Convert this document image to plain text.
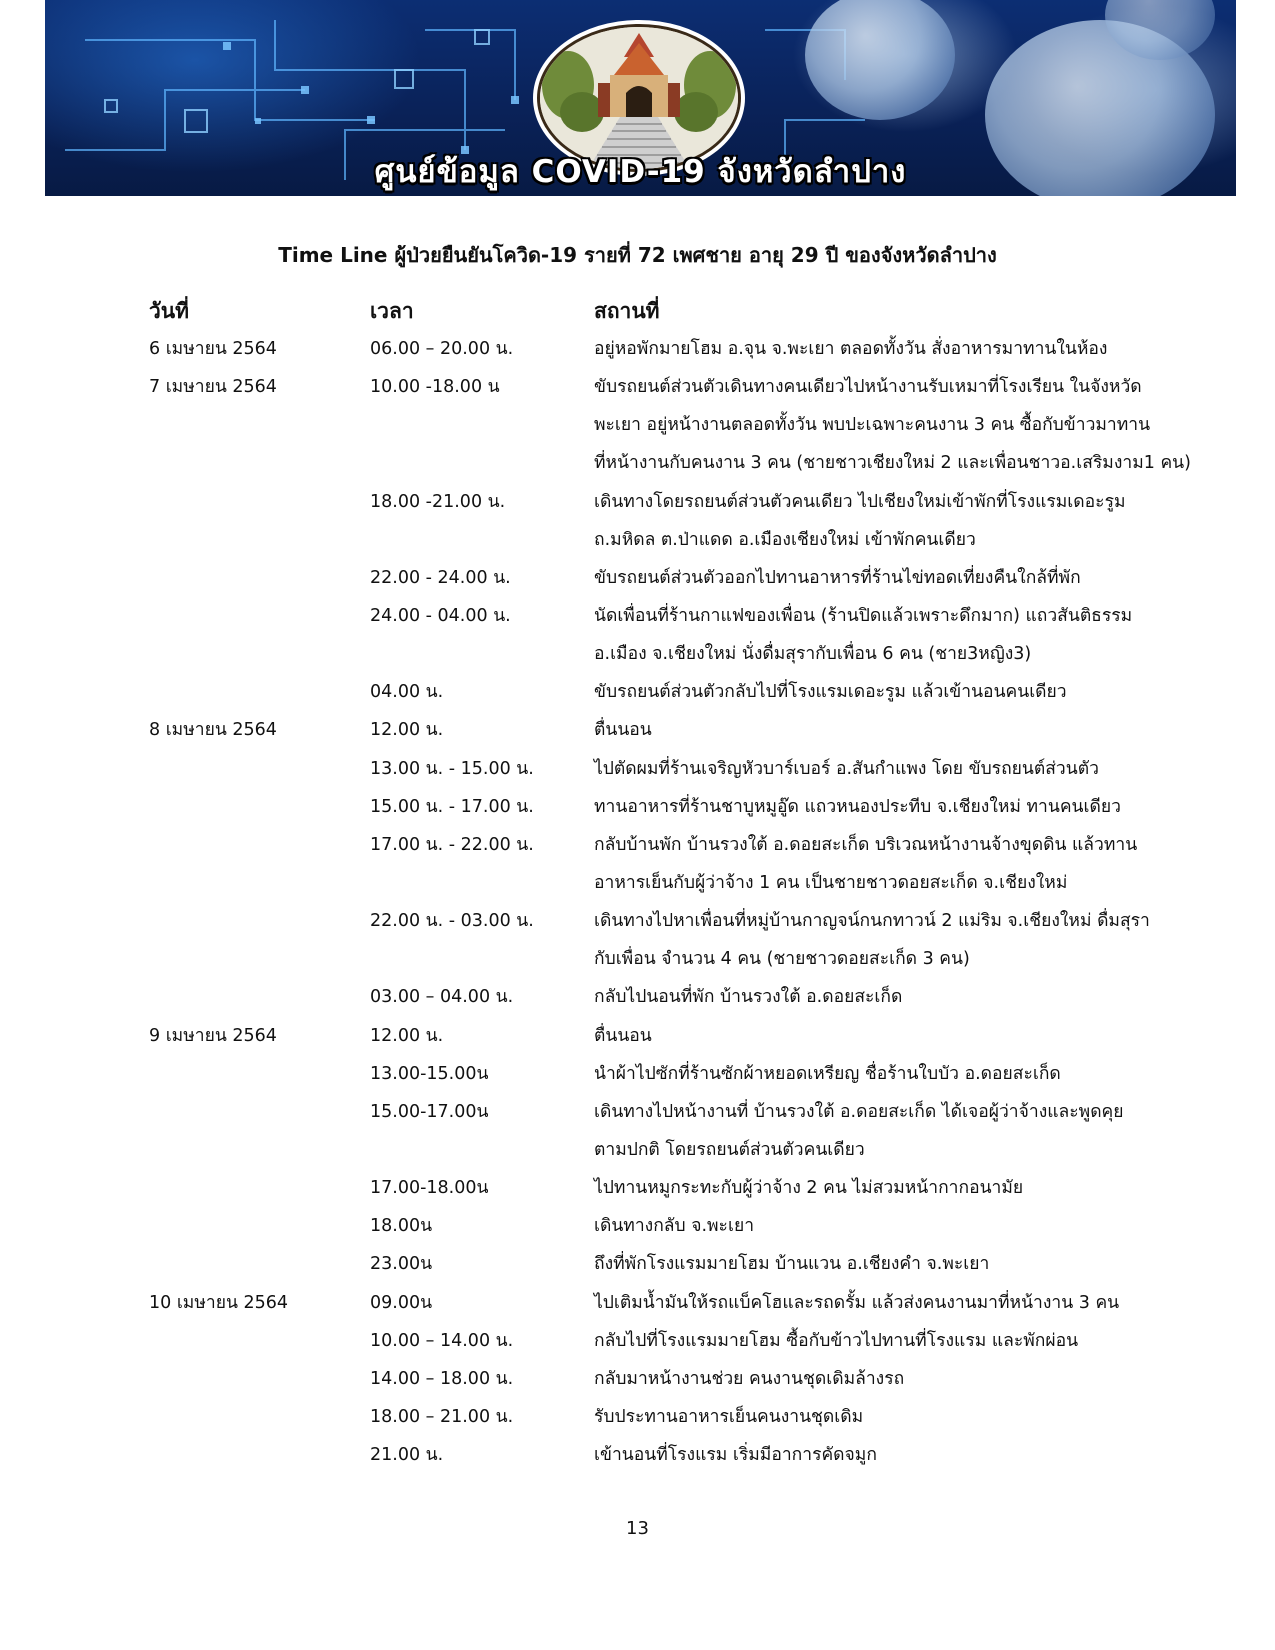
ศูนย์ข้อมูล COVID-19 จังหวัดลำปาง
Time Line ผู้ป่วยยืนยันโควิด-19 รายที่ 72 เพศชาย อายุ 29 ปี ของจังหวัดลำปาง
วันที่	เวลา	สถานที่
6 เมษายน 2564	06.00 – 20.00 น.	อยู่หอพักมายโฮม อ.จุน จ.พะเยา ตลอดทั้งวัน สั่งอาหารมาทานในห้อง
7 เมษายน 2564	10.00 -18.00 น	ขับรถยนต์ส่วนตัวเดินทางคนเดียวไปหน้างานรับเหมาที่โรงเรียน ในจังหวัด
พะเยา อยู่หน้างานตลอดทั้งวัน พบปะเฉพาะคนงาน 3 คน ซื้อกับข้าวมาทาน
ที่หน้างานกับคนงาน 3 คน (ชายชาวเชียงใหม่ 2 และเพื่อนชาวอ.เสริมงาม1 คน)
18.00 -21.00 น.	เดินทางโดยรถยนต์ส่วนตัวคนเดียว ไปเชียงใหม่เข้าพักที่โรงแรมเดอะรูม
ถ.มหิดล ต.ป่าแดด อ.เมืองเชียงใหม่ เข้าพักคนเดียว
22.00 - 24.00 น.	ขับรถยนต์ส่วนตัวออกไปทานอาหารที่ร้านไข่ทอดเที่ยงคืนใกล้ที่พัก
24.00 - 04.00 น.	นัดเพื่อนที่ร้านกาแฟของเพื่อน (ร้านปิดแล้วเพราะดึกมาก) แถวสันติธรรม
อ.เมือง จ.เชียงใหม่ นั่งดื่มสุรากับเพื่อน 6 คน (ชาย3หญิง3)
04.00 น.	ขับรถยนต์ส่วนตัวกลับไปที่โรงแรมเดอะรูม แล้วเข้านอนคนเดียว
8 เมษายน 2564	12.00 น.	ตื่นนอน
13.00 น. - 15.00 น.	ไปตัดผมที่ร้านเจริญหัวบาร์เบอร์ อ.สันกำแพง โดย ขับรถยนต์ส่วนตัว
15.00 น. - 17.00 น.	ทานอาหารที่ร้านชาบูหมูอู๊ด แถวหนองประทีบ จ.เชียงใหม่ ทานคนเดียว
17.00 น. - 22.00 น.	กลับบ้านพัก บ้านรวงใต้ อ.ดอยสะเก็ด บริเวณหน้างานจ้างขุดดิน แล้วทาน
อาหารเย็นกับผู้ว่าจ้าง 1 คน เป็นชายชาวดอยสะเก็ด จ.เชียงใหม่
22.00 น. - 03.00 น.	เดินทางไปหาเพื่อนที่หมู่บ้านกาญจน์กนกทาวน์ 2 แม่ริม จ.เชียงใหม่ ดื่มสุรา
กับเพื่อน จำนวน 4 คน (ชายชาวดอยสะเก็ด 3 คน)
03.00 – 04.00 น.	กลับไปนอนที่พัก บ้านรวงใต้ อ.ดอยสะเก็ด
9 เมษายน 2564	12.00 น.	ตื่นนอน
13.00-15.00น	นำผ้าไปซักที่ร้านซักผ้าหยอดเหรียญ ชื่อร้านใบบัว อ.ดอยสะเก็ด
15.00-17.00น	เดินทางไปหน้างานที่ บ้านรวงใต้ อ.ดอยสะเก็ด ได้เจอผู้ว่าจ้างและพูดคุย
ตามปกติ โดยรถยนต์ส่วนตัวคนเดียว
17.00-18.00น	ไปทานหมูกระทะกับผู้ว่าจ้าง 2 คน ไม่สวมหน้ากากอนามัย
18.00น	เดินทางกลับ จ.พะเยา
23.00น	ถึงที่พักโรงแรมมายโฮม บ้านแวน อ.เชียงคำ จ.พะเยา
10 เมษายน 2564	09.00น	ไปเติมน้ำมันให้รถแบ็คโฮและรถดรั้ม แล้วส่งคนงานมาที่หน้างาน 3 คน
10.00 – 14.00 น.	กลับไปที่โรงแรมมายโฮม ซื้อกับข้าวไปทานที่โรงแรม และพักผ่อน
14.00 – 18.00 น.	กลับมาหน้างานช่วย คนงานชุดเดิมล้างรถ
18.00 – 21.00 น.	รับประทานอาหารเย็นคนงานชุดเดิม
21.00 น.	เข้านอนที่โรงแรม เริ่มมีอาการคัดจมูก
13
